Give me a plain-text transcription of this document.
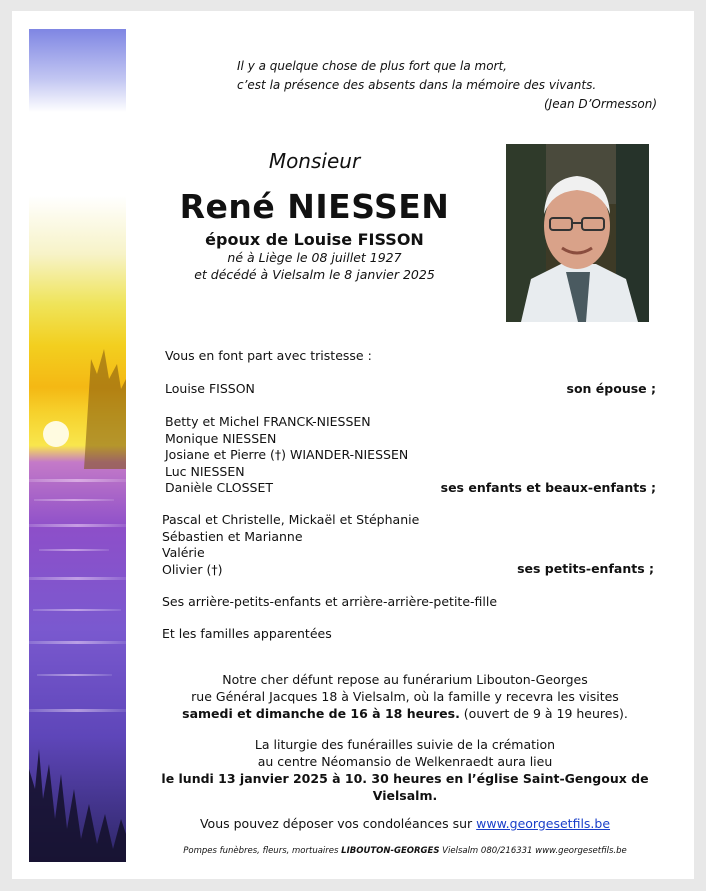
Il y a quelque chose de plus fort que la mort,
c’est la présence des absents dans la mémoire des vivants.
(Jean D’Ormesson)
Monsieur
René NIESSEN
époux de Louise FISSON
né à Liège le 08 juillet 1927
et décédé à Vielsalm le 8 janvier 2025
Vous en font part avec tristesse :
Louise FISSON	son épouse ;
Betty et Michel FRANCK-NIESSEN
Monique NIESSEN
Josiane et Pierre (†) WIANDER-NIESSEN
Luc NIESSEN
Danièle CLOSSET	ses enfants et beaux-enfants ;
Pascal et Christelle, Mickaël et Stéphanie
Sébastien et Marianne
Valérie
Olivier (†)	ses petits-enfants ;
Ses arrière-petits-enfants et arrière-arrière-petite-fille
Et les familles apparentées
Notre cher défunt repose au funérarium Libouton-Georges
rue Général Jacques 18 à Vielsalm, où la famille y recevra les visites
samedi et dimanche de 16 à 18 heures. (ouvert de 9 à 19 heures).
La liturgie des funérailles suivie de la crémation
au centre Néomansio de Welkenraedt aura lieu
le lundi 13 janvier 2025 à 10. 30 heures en l’église Saint-Gengoux de Vielsalm.
Vous pouvez déposer vos condoléances sur www.georgesetfils.be
Pompes funèbres, fleurs, mortuaires LIBOUTON-GEORGES Vielsalm 080/216331 www.georgesetfils.be
